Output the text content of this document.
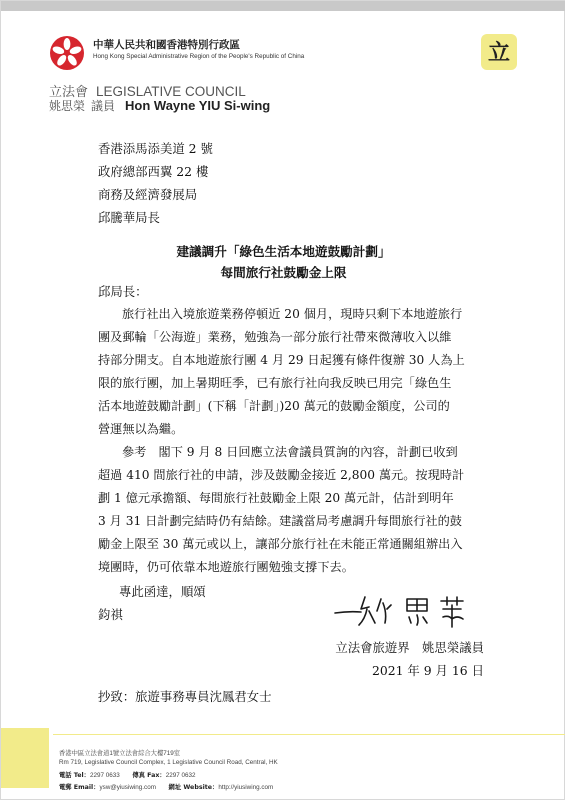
中華人民共和國香港特別行政區
Hong Kong Special Administrative Region of the People's Republic of China
立法會 LEGISLATIVE COUNCIL
姚思榮 議員 Hon Wayne YIU Si-wing
立
香港添馬添美道 2 號
政府總部西翼 22 樓
商務及經濟發展局
邱騰華局長
建議調升「綠色生活本地遊鼓勵計劃」
每間旅行社鼓勵金上限
邱局長：
旅行社出入境旅遊業務停頓近 20 個月，現時只剩下本地遊旅行
團及郵輪「公海遊」業務，勉強為一部分旅行社帶來微薄收入以維
持部分開支。自本地遊旅行團 4 月 29 日起獲有條件復辦 30 人為上
限的旅行團，加上暑期旺季，已有旅行社向我反映已用完「綠色生
活本地遊鼓勵計劃」(下稱「計劃」)20 萬元的鼓勵金額度，公司的
營運無以為繼。
參考　閣下 9 月 8 日回應立法會議員質詢的內容，計劃已收到
超過 410 間旅行社的申請，涉及鼓勵金接近 2,800 萬元。按現時計
劃 1 億元承擔額、每間旅行社鼓勵金上限 20 萬元計，估計到明年
3 月 31 日計劃完結時仍有結餘。建議當局考慮調升每間旅行社的鼓
勵金上限至 30 萬元或以上，讓部分旅行社在未能正常通關組辦出入
境團時，仍可依靠本地遊旅行團勉強支撐下去。
專此函達，順頌
鈞祺
立法會旅遊界　姚思榮議員
2021 年 9 月 16 日
抄致：旅遊事務專員沈鳳君女士
香港中區立法會道1號立法會綜合大樓719室
Rm 719, Legislative Council Complex, 1 Legislative Council Road, Central, HK
電話 Tel：2297 0633　　 傳真 Fax：2297 0632
電郵 Email：ysw@yiusiwing.com　　 網址 Website：http://yiusiwing.com
